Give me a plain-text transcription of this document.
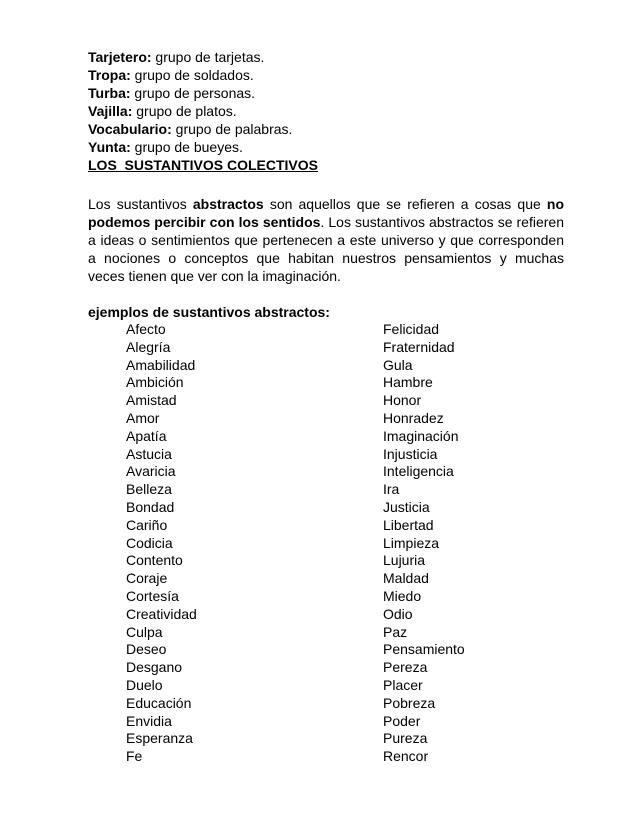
Tarjetero: grupo de tarjetas.
Tropa: grupo de soldados.
Turba: grupo de personas.
Vajilla: grupo de platos.
Vocabulario: grupo de palabras.
Yunta: grupo de bueyes.
LOS  SUSTANTIVOS COLECTIVOS
Los sustantivos abstractos son aquellos que se refieren a cosas que no podemos percibir con los sentidos. Los sustantivos abstractos se refieren a ideas o sentimientos que pertenecen a este universo y que corresponden a nociones o conceptos que habitan nuestros pensamientos y muchas veces tienen que ver con la imaginación.
ejemplos de sustantivos abstractos:
Afecto
Alegría
Amabilidad
Ambición
Amistad
Amor
Apatía
Astucia
Avaricia
Belleza
Bondad
Cariño
Codicia
Contento
Coraje
Cortesía
Creatividad
Culpa
Deseo
Desgano
Duelo
Educación
Envidia
Esperanza
Fe
Felicidad
Fraternidad
Gula
Hambre
Honor
Honradez
Imaginación
Injusticia
Inteligencia
Ira
Justicia
Libertad
Limpieza
Lujuria
Maldad
Miedo
Odio
Paz
Pensamiento
Pereza
Placer
Pobreza
Poder
Pureza
Rencor
